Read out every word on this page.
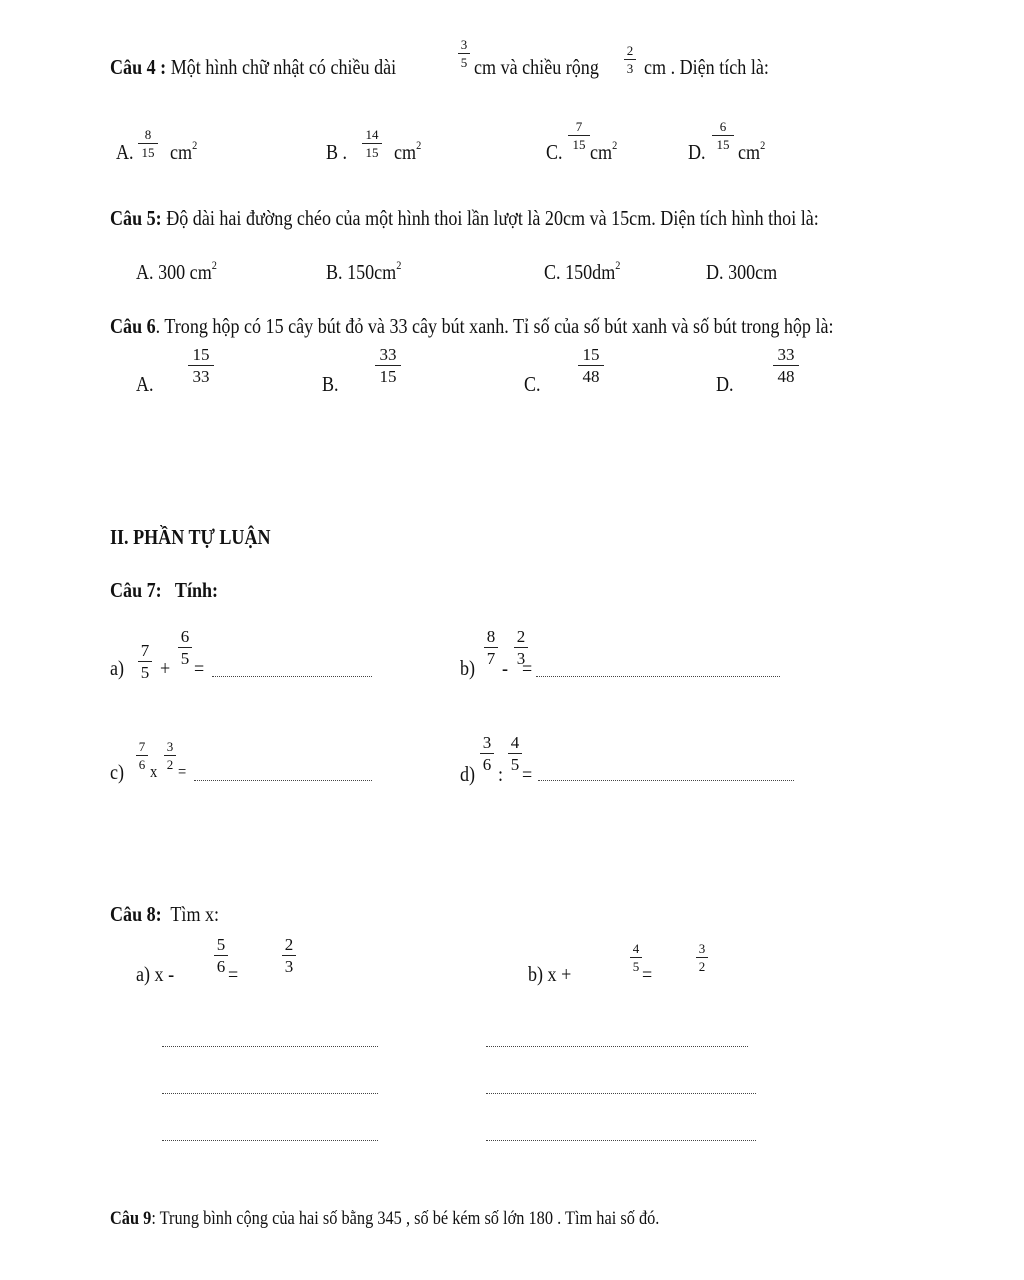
Câu 4 : Một hình chữ nhật có chiều dài
3
5 cm và chiều rộng
2
3 cm . Diện tích là:
A.
8
15 $cm^2$	B .
14
15 $cm^2$	C.
7
15 $cm^2$	D.
6
15 $cm^2$
Câu 5: Độ dài hai đường chéo của một hình thoi lần lượt là 20cm và 15cm. Diện tích hình thoi là:
A. 300 $cm^2$	B. $150cm^2$	C. $150dm^2$	D. 300cm
Câu 6. Trong hộp có 15 cây bút đỏ và 33 cây bút xanh. Tỉ số của số bút xanh và số bút trong hộp là:
A.
15
33	B.
33
15	C.
15
48	D.
33
48
II. PHẦN TỰ LUẬN
Câu 7: Tính:
a)
7
5 +
6
5 =	b)
8
7 -
2
3
=
c)
7
6 x
3
2 =	d)
3
6 :
4
5 =
Câu 8: Tìm x:
a) x -
5
6 =
2
3	b) x +
4
5 =
3
2
Câu 9: Trung bình cộng của hai số bằng 345 , số bé kém số lớn 180 . Tìm hai số đó.
